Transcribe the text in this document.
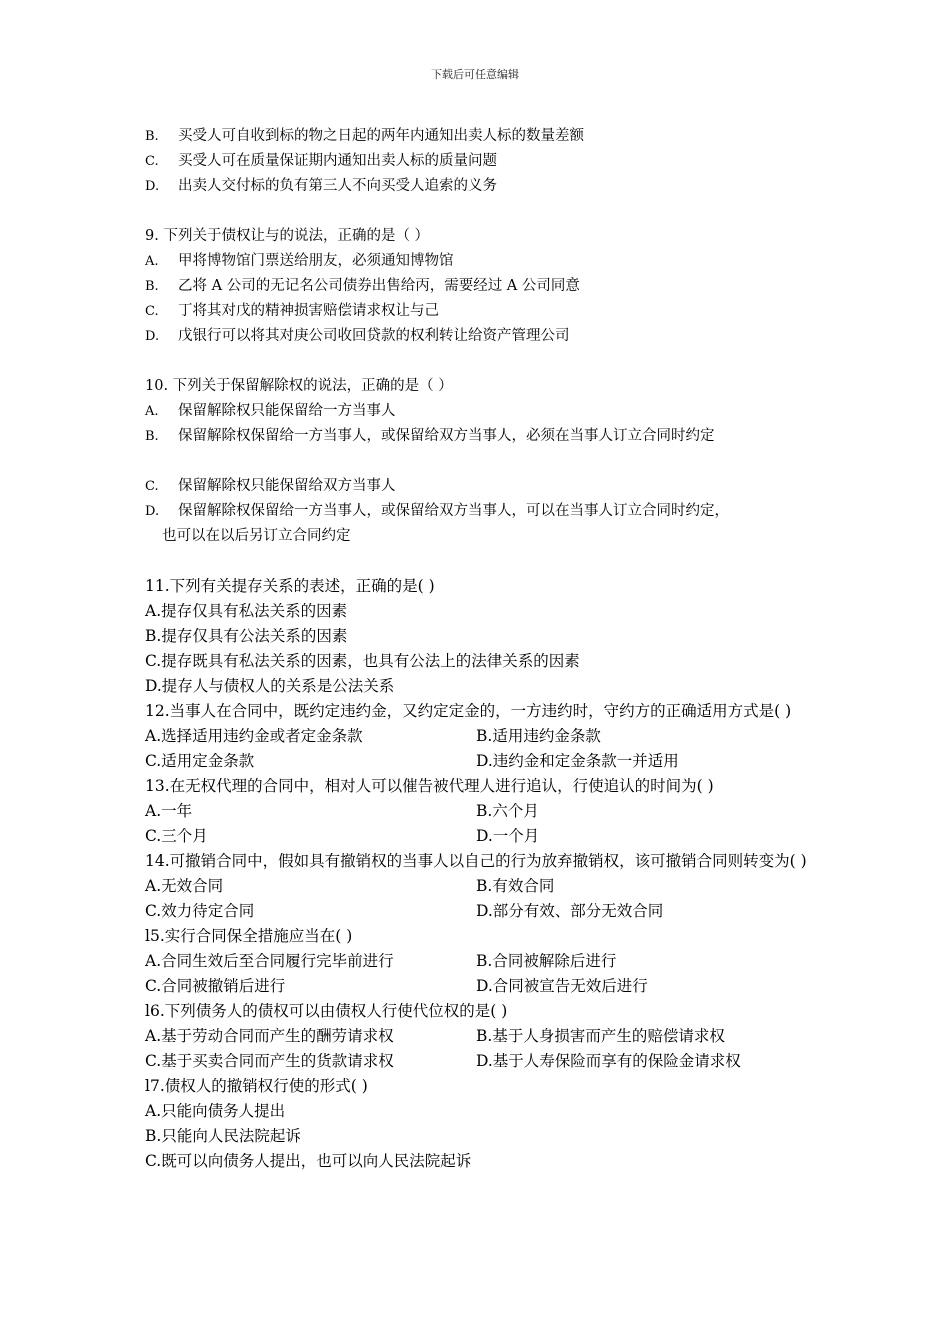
下载后可任意编辑
B.	买受人可自收到标的物之日起的两年内通知出卖人标的数量差额
C.	买受人可在质量保证期内通知出卖人标的质量问题
D.	出卖人交付标的负有第三人不向买受人追索的义务
9. 下列关于债权让与的说法，正确的是（ ）
A.	甲将博物馆门票送给朋友，必须通知博物馆
B.	乙将 A 公司的无记名公司债券出售给丙，需要经过 A 公司同意
C.	丁将其对戊的精神损害赔偿请求权让与己
D.	戊银行可以将其对庚公司收回贷款的权利转让给资产管理公司
10. 下列关于保留解除权的说法，正确的是（ ）
A.	保留解除权只能保留给一方当事人
B.	保留解除权保留给一方当事人，或保留给双方当事人，必须在当事人订立合同时约定
C.	保留解除权只能保留给双方当事人
D.	保留解除权保留给一方当事人，或保留给双方当事人，可以在当事人订立合同时约定，
也可以在以后另订立合同约定
11.下列有关提存关系的表述，正确的是( )
A.提存仅具有私法关系的因素
B.提存仅具有公法关系的因素
C.提存既具有私法关系的因素，也具有公法上的法律关系的因素
D.提存人与债权人的关系是公法关系
12.当事人在合同中，既约定违约金，又约定定金的，一方违约时，守约方的正确适用方式是( )
A.选择适用违约金或者定金条款	B.适用违约金条款
C.适用定金条款	D.违约金和定金条款一并适用
13.在无权代理的合同中，相对人可以催告被代理人进行追认，行使追认的时间为( )
A.一年	B.六个月
C.三个月	D.一个月
14.可撤销合同中，假如具有撤销权的当事人以自己的行为放弃撤销权，该可撤销合同则转变为( )
A.无效合同	B.有效合同
C.效力待定合同	D.部分有效、部分无效合同
l5.实行合同保全措施应当在( )
A.合同生效后至合同履行完毕前进行	B.合同被解除后进行
C.合同被撤销后进行	D.合同被宣告无效后进行
l6.下列债务人的债权可以由债权人行使代位权的是( )
A.基于劳动合同而产生的酬劳请求权	B.基于人身损害而产生的赔偿请求权
C.基于买卖合同而产生的货款请求权	D.基于人寿保险而享有的保险金请求权
l7.债权人的撤销权行使的形式( )
A.只能向债务人提出
B.只能向人民法院起诉
C.既可以向债务人提出，也可以向人民法院起诉
